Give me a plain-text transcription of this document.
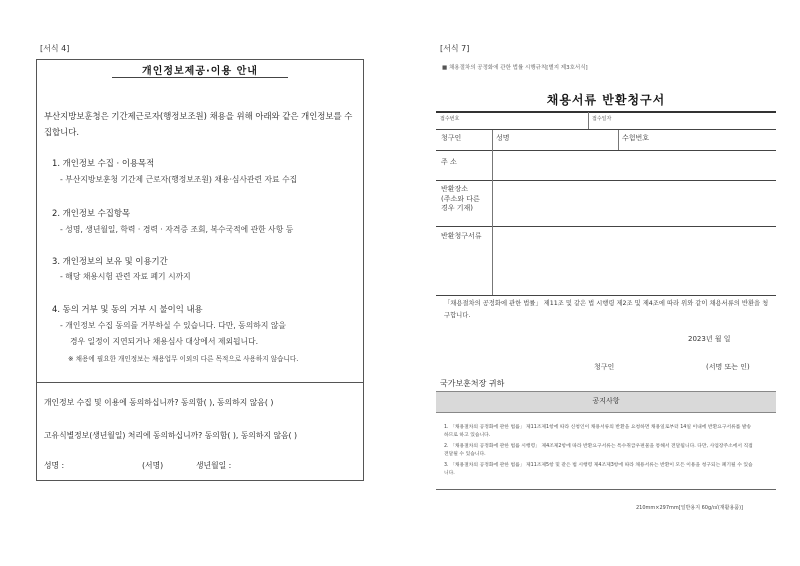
[서식 4]
개인정보제공·이용 안내
부산지방보훈청은 기간제근로자(행정보조원) 채용을 위해 아래와 같은 개인정보를 수집합니다.
1. 개인정보 수집 · 이용목적
- 부산지방보훈청 기간제 근로자(행정보조원) 채용·심사관련 자료 수집
2. 개인정보 수집항목
- 성명, 생년월일, 학력 · 경력 · 자격증 조회, 복수국적에 관한 사항 등
3. 개인정보의 보유 및 이용기간
- 해당 채용시험 관련 자료 폐기 시까지
4. 동의 거부 및 동의 거부 시 불이익 내용
- 개인정보 수집 동의를 거부하실 수 있습니다. 다만, 동의하지 않을
경우 일정이 지연되거나 채용심사 대상에서 제외됩니다.
※ 채용에 필요한 개인정보는 채용업무 이외의 다른 목적으로 사용하지 않습니다.
개인정보 수집 및 이용에 동의하십니까? 동의함( ), 동의하지 않음( )
고유식별정보(생년월일) 처리에 동의하십니까? 동의함( ), 동의하지 않음( )
성명 :	(서명)	생년월일 :
[서식 7]
■ 채용절차의 공정화에 관한 법률 시행규칙[별지 제3호서식]
채용서류 반환청구서
접수번호	접수일자
청구인	성명	수험번호
주 소
반환장소
(주소와 다른
경우 기재)
반환청구서류
「채용절차의 공정화에 관한 법률」 제11조 및 같은 법 시행령 제2조 및 제4조에 따라 위와 같이 채용서류의 반환을 청구합니다.
2023년 월 일
청구인	(서명 또는 인)
국가보훈처장 귀하
공지사항
1. 「채용절차의 공정화에 관한 법률」 제11조제1항에 따라 신청인이 채용서류의 반환을 요청하면 채용일로부터 14일 이내에 반환요구서류를 발송하므로 하고 있습니다.
2. 「채용절차의 공정화에 관한 법률 시행령」 제4조제2항에 따라 반환요구서류는 특수취급우편물을 통해서 전달됩니다. 다만, 사업장주소에서 직접 전달될 수 있습니다.
3. 「채용절차의 공정화에 관한 법률」 제11조제5항 및 같은 법 시행령 제4조제3항에 따라 채용서류는 반환이 모든 이용을 청구되는 폐기될 수 있습니다.
210mm×297mm[일반용지 60g/㎡(재활용품)]
